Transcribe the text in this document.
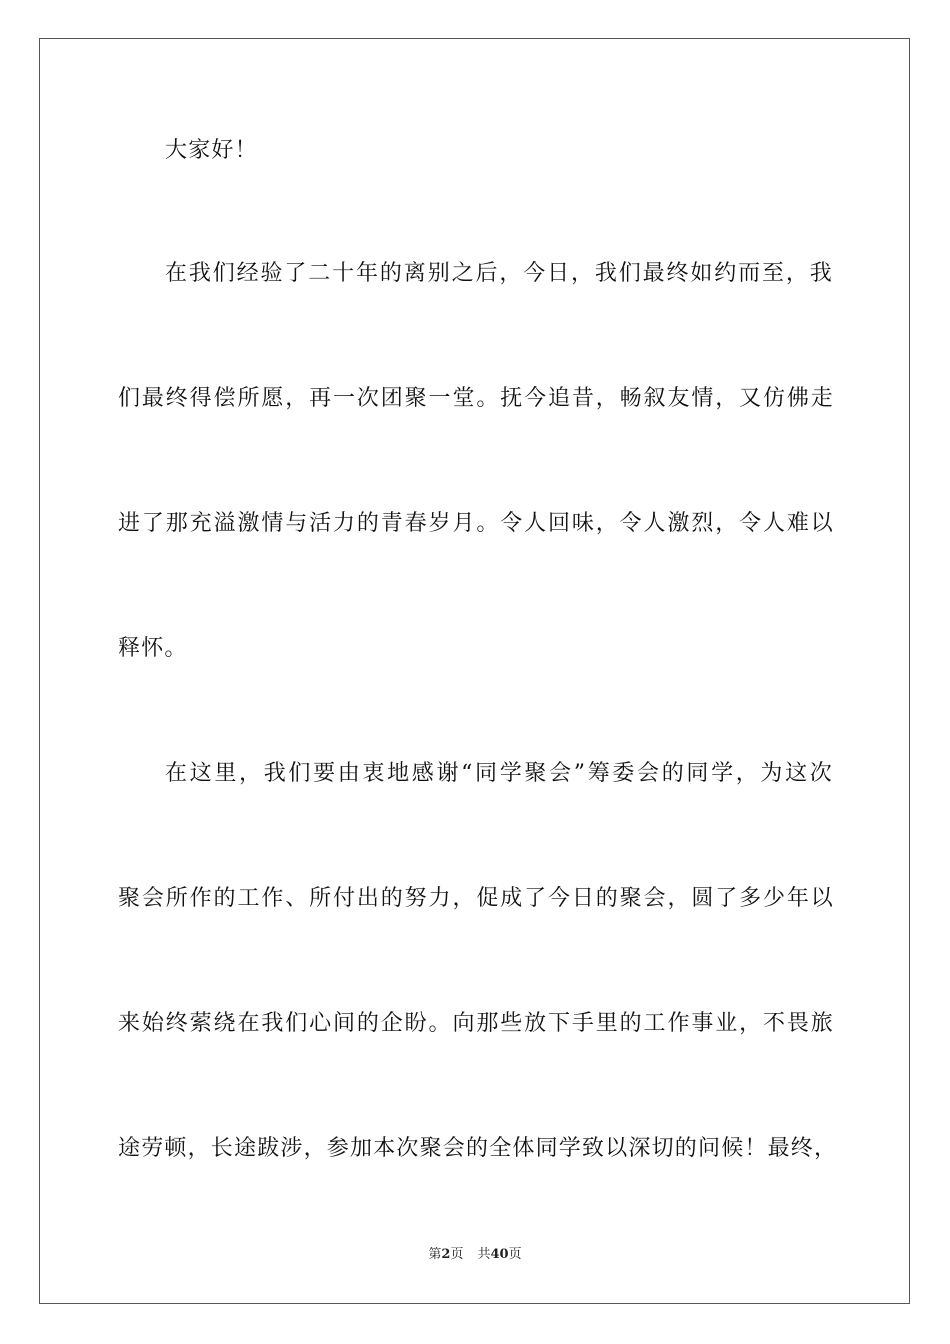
大家好！
在我们经验了二十年的离别之后，今日，我们最终如约而至，我
们最终得偿所愿，再一次团聚一堂。抚今追昔，畅叙友情，又仿佛走
进了那充溢激情与活力的青春岁月。令人回味，令人激烈，令人难以
释怀。
在这里，我们要由衷地感谢“同学聚会”筹委会的同学，为这次
聚会所作的工作、所付出的努力，促成了今日的聚会，圆了多少年以
来始终萦绕在我们心间的企盼。向那些放下手里的工作事业，不畏旅
途劳顿，长途跋涉，参加本次聚会的全体同学致以深切的问候！最终，
第2页 共40页
